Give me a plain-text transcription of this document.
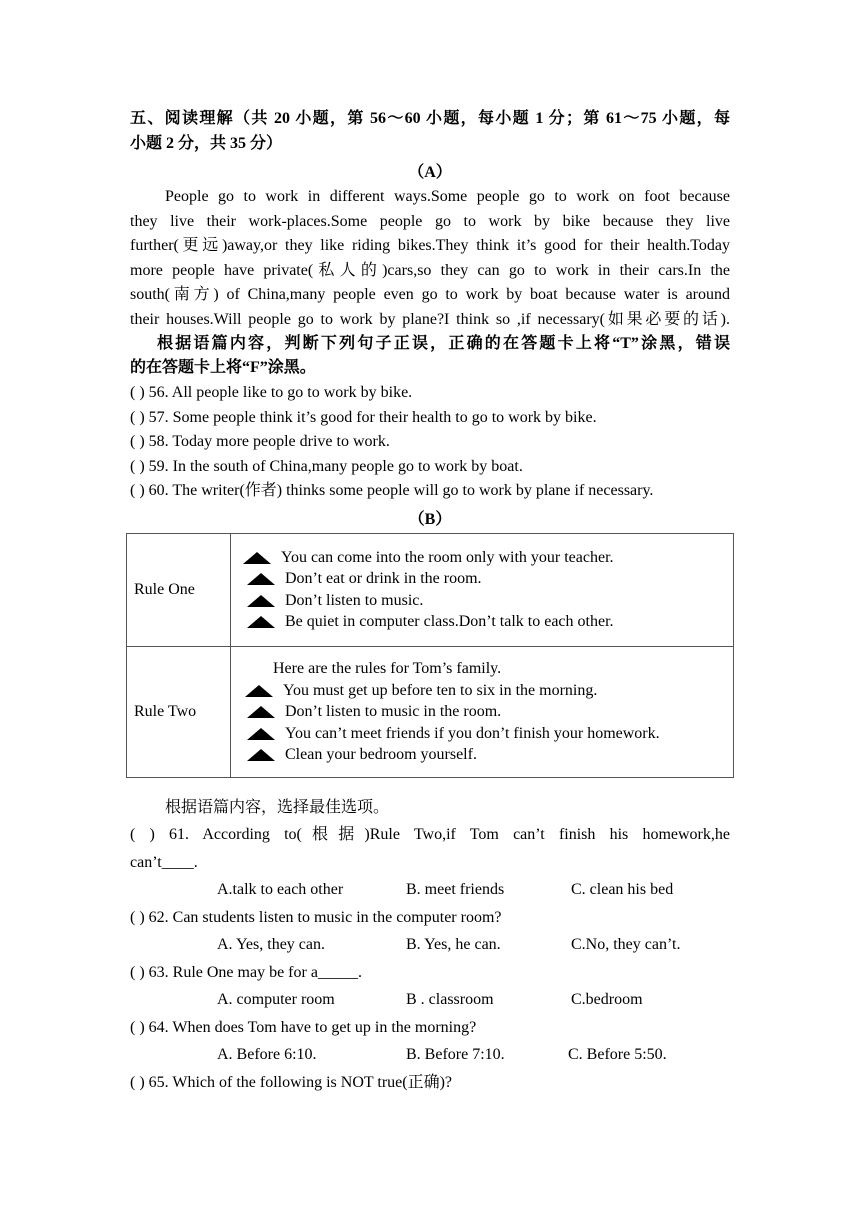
五、阅读理解（共 20 小题，第 56～60 小题，每小题 1 分；第 61～75 小题，每
小题 2 分，共 35 分）
（A）
People go to work in different ways.Some people go to work on foot because
they live their work-places.Some people go to work by bike because they live
further(更远)away,or they like riding bikes.They think it’s good for their health.Today
more people have private(私人的)cars,so they can go to work in their cars.In the
south(南方) of China,many people even go to work by boat because water is around
their houses.Will people go to work by plane?I think so ,if necessary(如果必要的话).
根据语篇内容，判断下列句子正误，正确的在答题卡上将“T”涂黑，错误
的在答题卡上将“F”涂黑。
( ) 56. All people like to go to work by bike.
( ) 57. Some people think it’s good for their health to go to work by bike.
( ) 58. Today more people drive to work.
( ) 59. In the south of China,many people go to work by boat.
( ) 60. The writer(作者) thinks some people will go to work by plane if necessary.
（B）
Rule One	You can come into the room only with your teacher.
Don’t eat or drink in the room.
Don’t listen to music.
Be quiet in computer class.Don’t talk to each other.

Rule Two	Here are the rules for Tom’s family.
You must get up before ten to six in the morning.
Don’t listen to music in the room.
You can’t meet friends if you don’t finish your homework.
Clean your bedroom yourself.
根据语篇内容，选择最佳选项。
( ) 61. According to(根据)Rule Two,if Tom can’t finish his homework,he
can’t____.
A.talk to each other	B. meet friends	C. clean his bed
( ) 62. Can students listen to music in the computer room?
A. Yes, they can.	B. Yes, he can.	C.No, they can’t.
( ) 63. Rule One may be for a_____.
A. computer room	B . classroom	C.bedroom
( ) 64. When does Tom have to get up in the morning?
A. Before 6:10.	B. Before 7:10.	C. Before 5:50.
( ) 65. Which of the following is NOT true(正确)?
